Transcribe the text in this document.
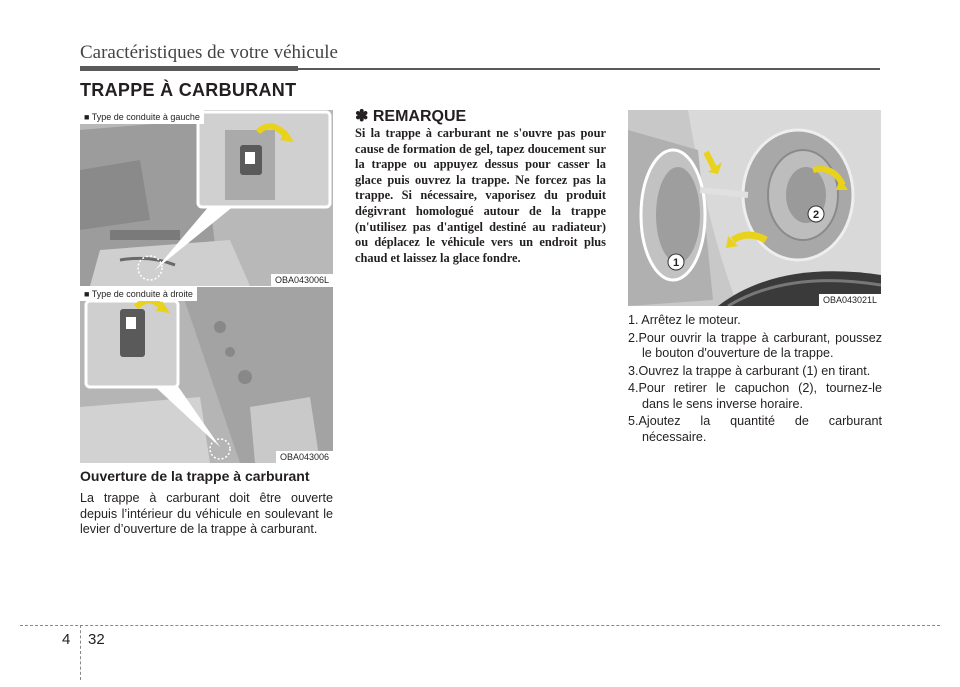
Caractéristiques de votre véhicule
TRAPPE À CARBURANT
■ Type de conduite à gauche
OBA043006L
■ Type de conduite à droite
OBA043006
1
2
OBA043021L
Ouverture de la trappe à carburant

La trappe à carburant doit être ouverte depuis l’intérieur du véhicule en soulevant le levier d’ouverture de la trappe à carburant.

✽ REMARQUE

Si la trappe à carburant ne s'ouvre pas pour cause de formation de gel, tapez doucement sur la trappe ou appuyez dessus pour casser la glace puis ouvrez la trappe. Ne forcez pas la trappe. Si nécessaire, vaporisez du produit dégivrant homologué autour de la trappe (n'utilisez pas d'antigel destiné au radiateur) ou déplacez le véhicule vers un endroit plus chaud et laissez la glace fondre.

1. Arrêtez le moteur.
2.Pour ouvrir la trappe à carburant, poussez le bouton d'ouverture de la trappe.
3.Ouvrez la trappe à carburant (1) en tirant.
4.Pour retirer le capuchon (2), tournez-le dans le sens inverse horaire.
5.Ajoutez la quantité de carburant nécessaire.
4 32
